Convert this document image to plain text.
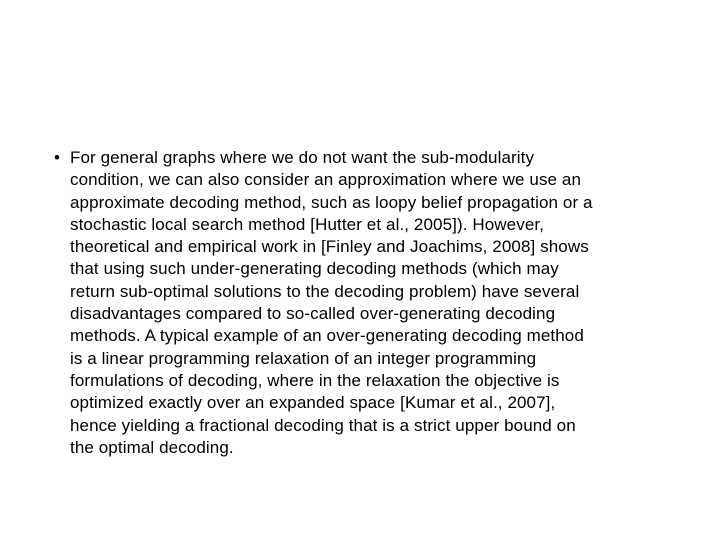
• For general graphs where we do not want the sub-modularity
condition, we can also consider an approximation where we use an
approximate decoding method, such as loopy belief propagation or a
stochastic local search method [Hutter et al., 2005]). However,
theoretical and empirical work in [Finley and Joachims, 2008] shows
that using such under-generating decoding methods (which may
return sub-optimal solutions to the decoding problem) have several
disadvantages compared to so-called over-generating decoding
methods. A typical example of an over-generating decoding method
is a linear programming relaxation of an integer programming
formulations of decoding, where in the relaxation the objective is
optimized exactly over an expanded space [Kumar et al., 2007],
hence yielding a fractional decoding that is a strict upper bound on
the optimal decoding.
